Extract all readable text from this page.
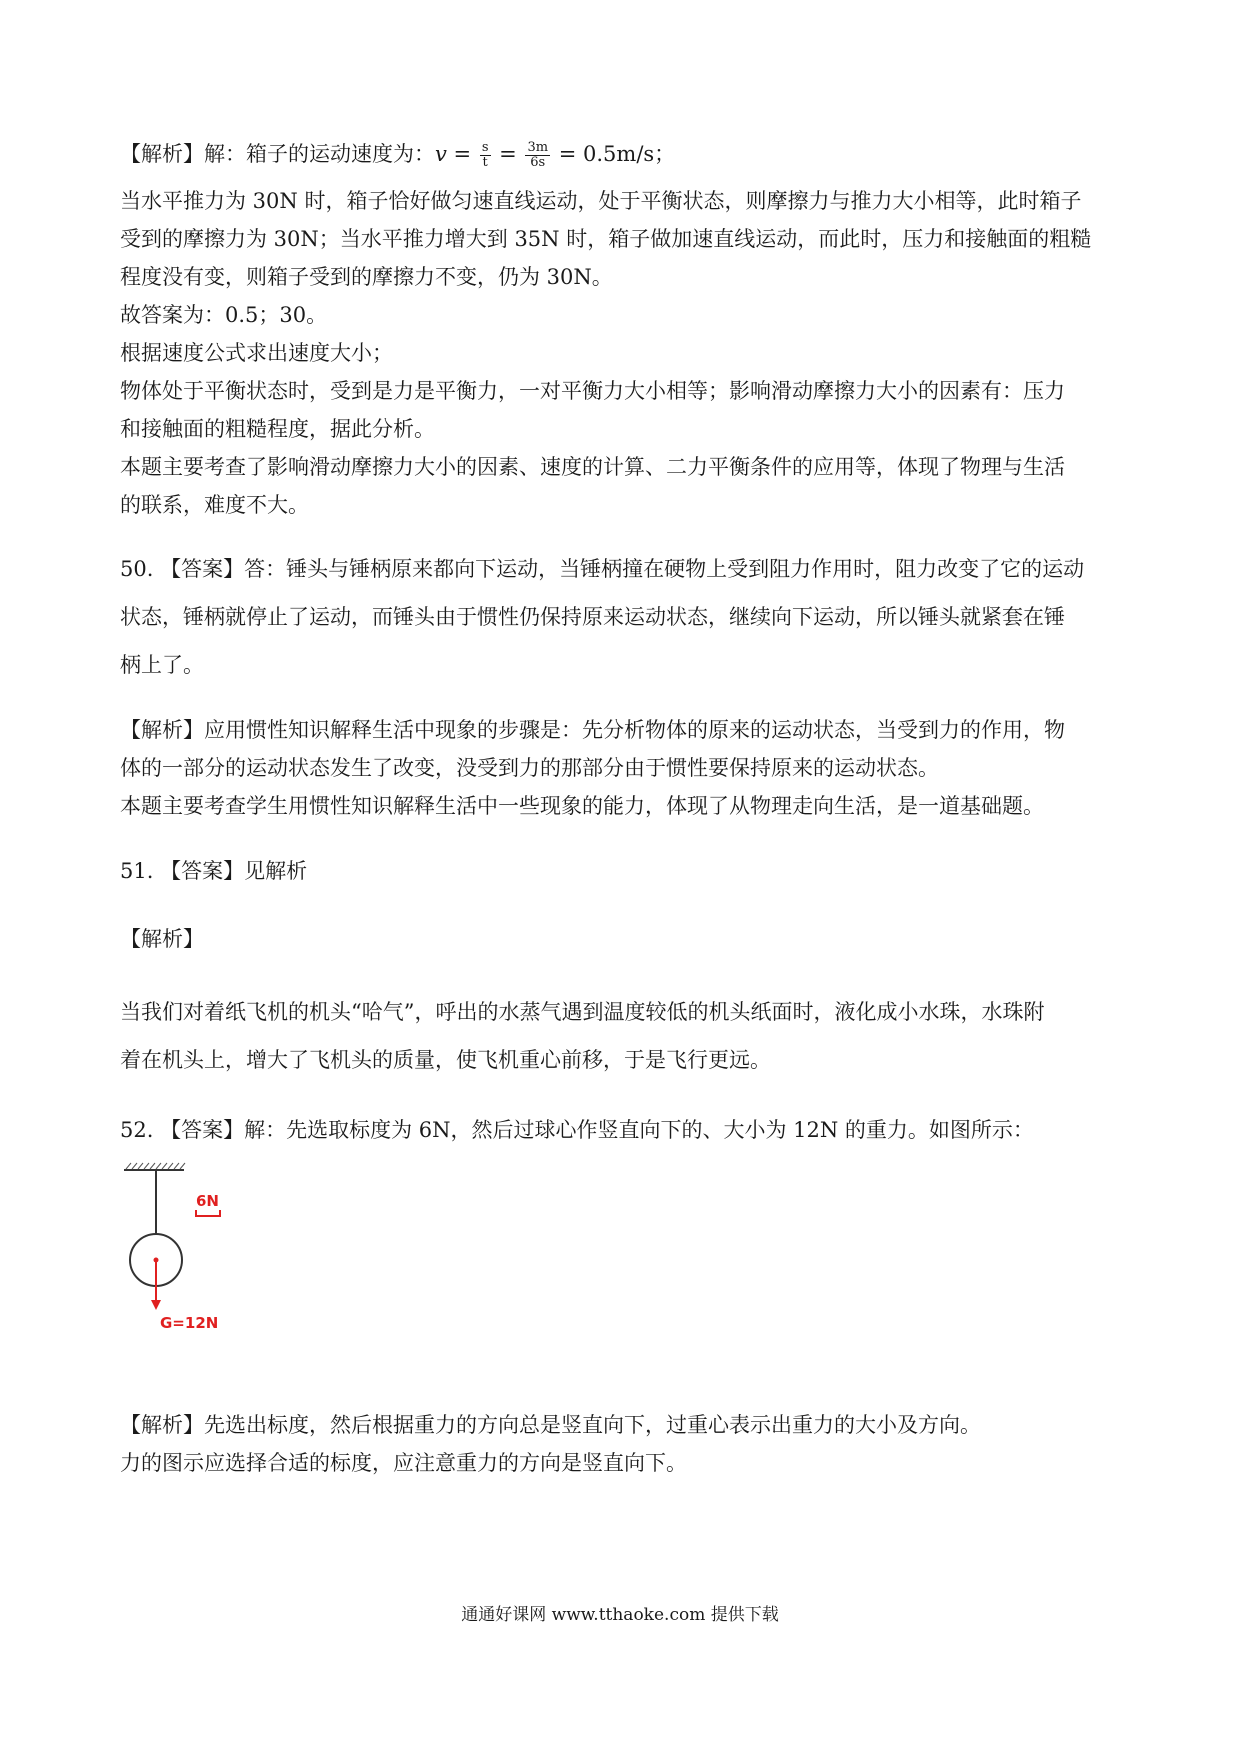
【解析】解：箱子的运动速度为：$v = \frac{s}{t} = \frac{3m}{6s} = 0.5m/s$；
当水平推力为 30N 时，箱子恰好做匀速直线运动，处于平衡状态，则摩擦力与推力大小相等，此时箱子
受到的摩擦力为 30N；当水平推力增大到 35N 时，箱子做加速直线运动，而此时，压力和接触面的粗糙
程度没有变，则箱子受到的摩擦力不变，仍为 30N。
故答案为：0.5；30。
根据速度公式求出速度大小；
物体处于平衡状态时，受到是力是平衡力，一对平衡力大小相等；影响滑动摩擦力大小的因素有：压力
和接触面的粗糙程度，据此分析。
本题主要考查了影响滑动摩擦力大小的因素、速度的计算、二力平衡条件的应用等，体现了物理与生活
的联系，难度不大。
50. 【答案】答：锤头与锤柄原来都向下运动，当锤柄撞在硬物上受到阻力作用时，阻力改变了它的运动
状态，锤柄就停止了运动，而锤头由于惯性仍保持原来运动状态，继续向下运动，所以锤头就紧套在锤
柄上了。
【解析】应用惯性知识解释生活中现象的步骤是：先分析物体的原来的运动状态，当受到力的作用，物
体的一部分的运动状态发生了改变，没受到力的那部分由于惯性要保持原来的运动状态。
本题主要考查学生用惯性知识解释生活中一些现象的能力，体现了从物理走向生活，是一道基础题。
51. 【答案】见解析
【解析】
当我们对着纸飞机的机头“哈气”，呼出的水蒸气遇到温度较低的机头纸面时，液化成小水珠，水珠附
着在机头上，增大了飞机头的质量，使飞机重心前移，于是飞行更远。
52. 【答案】解：先选取标度为 6N，然后过球心作竖直向下的、大小为 12N 的重力。如图所示：
6N
G=12N
【解析】先选出标度，然后根据重力的方向总是竖直向下，过重心表示出重力的大小及方向。
力的图示应选择合适的标度，应注意重力的方向是竖直向下。
通通好课网 www.tthaoke.com 提供下载
